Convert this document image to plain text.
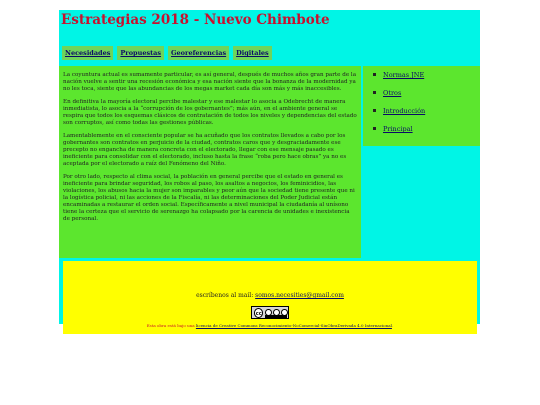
Estrategias 2018 - Nuevo Chimbote
Necesidades	Propuestas	Georeferencias	Digitales

La coyuntura actual es sumamente particular, es así general, después de muchos años gran parte de la nación vuelve a sentir una recesión económica y esa nación siente que la bonanza de la modernidad ya no les toca, siente que las abundancias de los megas market cada día son más y más inaccesibles.

En definitiva la mayoría electoral percibe malestar y ese malestar lo asocia a Odebrecht de manera inmediatista, lo asocia a la “corrupción de los gobernantes”; más aún, en el ambiente general se respira que todos los esquemas clásicos de contratación de todos los niveles y dependencias del estado son corruptos, así como todas las gestiones públicas.

Lamentablemente en el consciente popular se ha acuñado que los contratos llevados a cabo por los gobernantes son contratos en perjuicio de la ciudad, contratos caros que y desgraciadamente ese precepto no engancha de manera concreta con el electorado, llegar con ese mensaje pasado es ineficiente para consolidar con el electorado, incluso hasta la frase “roba pero hace obras” ya no es aceptada por el electorado a raíz del Fenómeno del Niño.

Por otro lado, respecto al clima social, la población en general percibe que el estado en general es ineficiente para brindar seguridad, los robos al paso, los asaltos a negocios, los feminicidios, las violaciones, los abusos hacia la mujer son imparables y peor aún que la sociedad tiene presente que ni la logística policial, ni las acciones de la Fiscalía, ni las determinaciones del Poder Judicial están encaminadas a restaurar el orden social. Específicamente a nivel municipal la ciudadanía al unísono tiene la certeza que el servicio de serenazgo ha colapsado por la carencia de unidades e inexistencia de personal.

Normas JNE
Otros
Introducción
Principal
escríbenos al mail: somos.necesities@gmail.com
cc
Esta obra está bajo una licencia de Creative Commons Reconocimiento-NoComercial-SinObraDerivada 4.0 Internacional.
